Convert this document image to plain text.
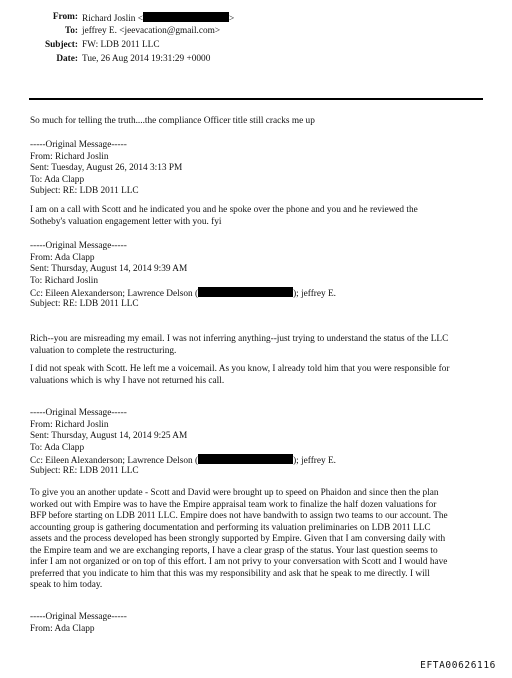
From: Richard Joslin <	>
To: jeffrey E. <jeevacation@gmail.com>
Subject: FW: LDB 2011 LLC
Date: Tue, 26 Aug 2014 19:31:29 +0000
So much for telling the truth....the compliance Officer title still cracks me up
-----Original Message-----
From: Richard Joslin
Sent: Tuesday, August 26, 2014 3:13 PM
To: Ada Clapp
Subject: RE: LDB 2011 LLC
I am on a call with Scott and he indicated you and he spoke over the phone and you and he reviewed the
Sotheby's valuation engagement letter with you. fyi
-----Original Message-----
From: Ada Clapp
Sent: Thursday, August 14, 2014 9:39 AM
To: Richard Joslin
Cc: Eileen Alexanderson; Lawrence Delson (	); jeffrey E.
Subject: RE: LDB 2011 LLC
Rich--you are misreading my email. I was not inferring anything--just trying to understand the status of the LLC
valuation to complete the restructuring.
I did not speak with Scott. He left me a voicemail. As you know, I already told him that you were responsible for
valuations which is why I have not returned his call.
-----Original Message-----
From: Richard Joslin
Sent: Thursday, August 14, 2014 9:25 AM
To: Ada Clapp
Cc: Eileen Alexanderson; Lawrence Delson (	); jeffrey E.
Subject: RE: LDB 2011 LLC
To give you an another update - Scott and David were brought up to speed on Phaidon and since then the plan
worked out with Empire was to have the Empire appraisal team work to finalize the half dozen valuations for
BFP before starting on LDB 2011 LLC. Empire does not have bandwith to assign two teams to our account. The
accounting group is gathering documentation and performing its valuation preliminaries on LDB 2011 LLC
assets and the process developed has been strongly supported by Empire. Given that I am conversing daily with
the Empire team and we are exchanging reports, I have a clear grasp of the status. Your last question seems to
infer I am not organized or on top of this effort. I am not privy to your conversation with Scott and I would have
preferred that you indicate to him that this was my responsibility and ask that he speak to me directly. I will
speak to him today.
-----Original Message-----
From: Ada Clapp
EFTA00626116
